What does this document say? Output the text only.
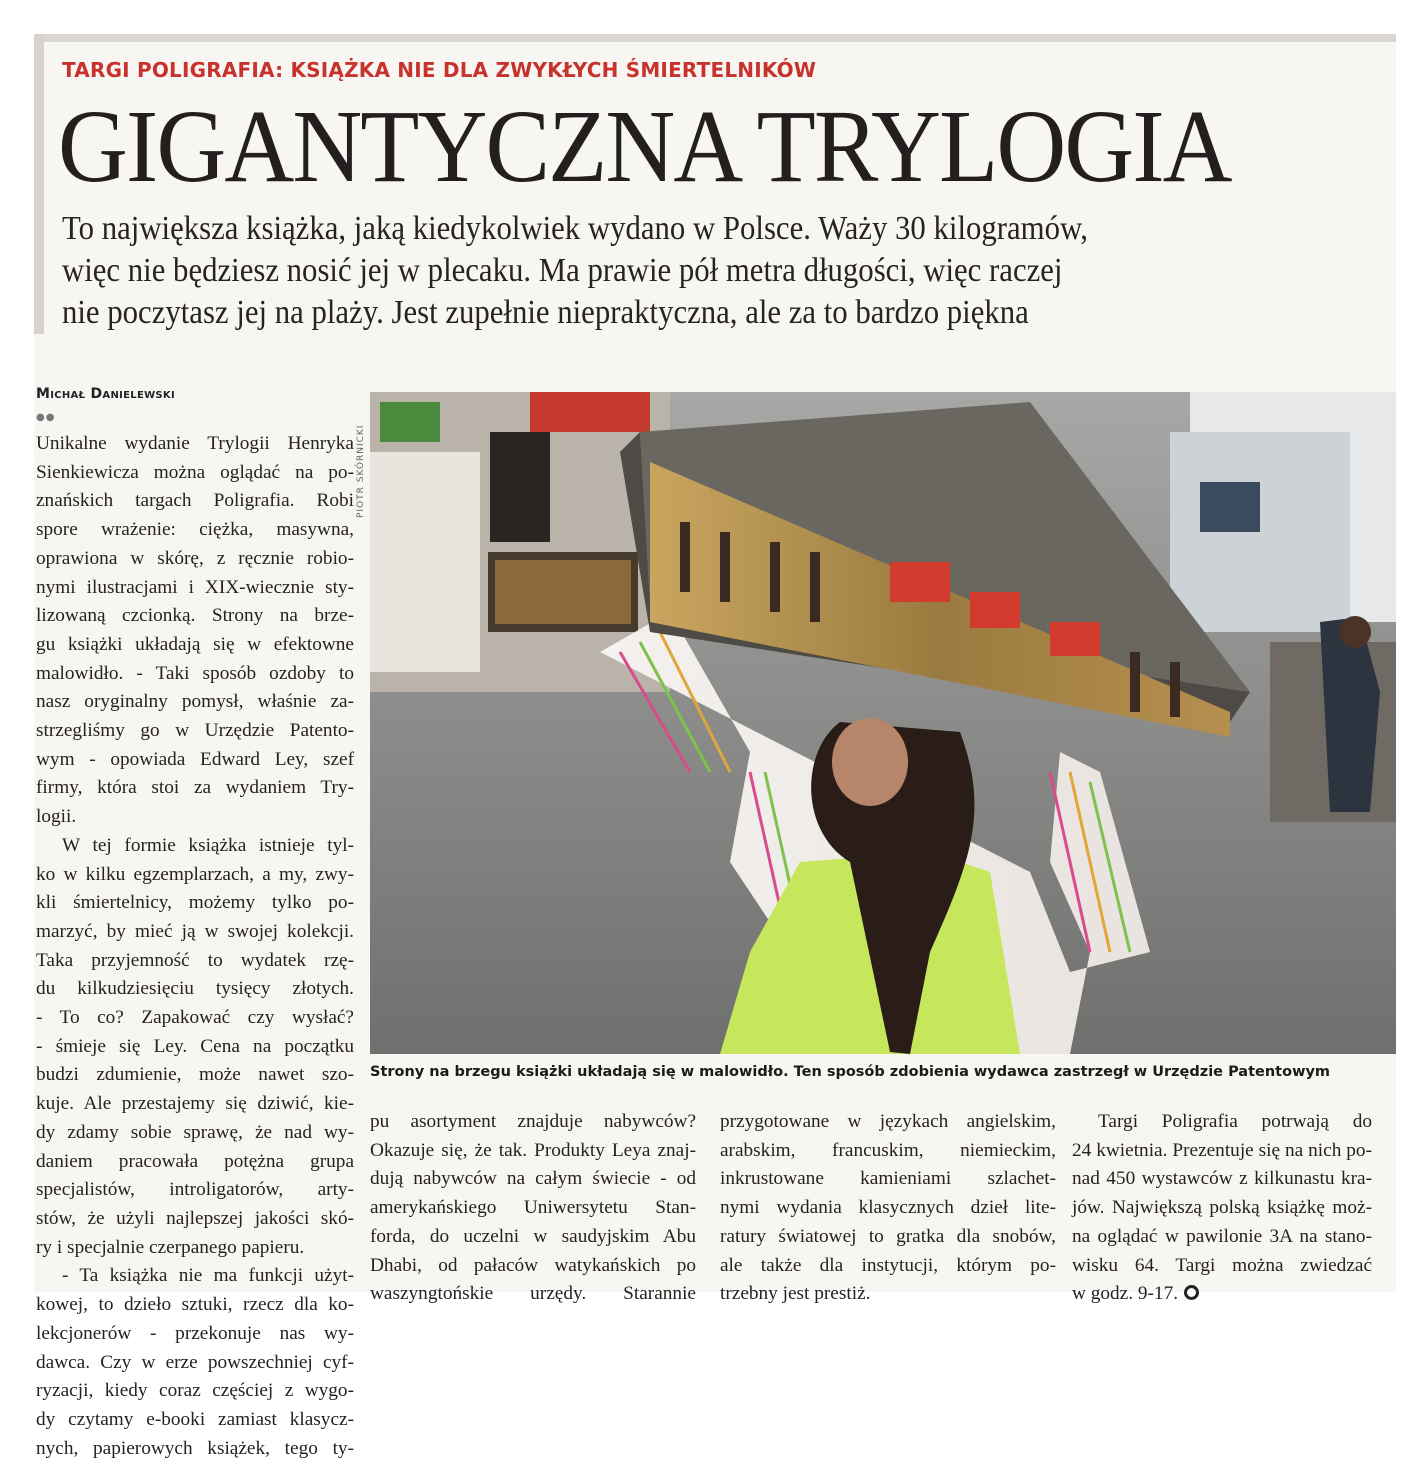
TARGI POLIGRAFIA: KSIĄŻKA NIE DLA ZWYKŁYCH ŚMIERTELNIKÓW
GIGANTYCZNA TRYLOGIA
To największa książka, jaką kiedykolwiek wydano w Polsce. Waży 30 kilogramów,
więc nie będziesz nosić jej w plecaku. Ma prawie pół metra długości, więc raczej
nie poczytasz jej na plaży. Jest zupełnie niepraktyczna, ale za to bardzo piękna
Michał Danielewski
●●
Unikalne wydanie Trylogii Henryka
Sienkiewicza można oglądać na po-
znańskich targach Poligrafia. Robi
spore wrażenie: ciężka, masywna,
oprawiona w skórę, z ręcznie robio-
nymi ilustracjami i XIX-wiecznie sty-
lizowaną czcionką. Strony na brze-
gu książki układają się w efektowne
malowidło. - Taki sposób ozdoby to
nasz oryginalny pomysł, właśnie za-
strzegliśmy go w Urzędzie Patento-
wym - opowiada Edward Ley, szef
firmy, która stoi za wydaniem Try-
logii.
W tej formie książka istnieje tyl-
ko w kilku egzemplarzach, a my, zwy-
kli śmiertelnicy, możemy tylko po-
marzyć, by mieć ją w swojej kolekcji.
Taka przyjemność to wydatek rzę-
du kilkudziesięciu tysięcy złotych.
- To co? Zapakować czy wysłać?
- śmieje się Ley. Cena na początku
budzi zdumienie, może nawet szo-
kuje. Ale przestajemy się dziwić, kie-
dy zdamy sobie sprawę, że nad wy-
daniem pracowała potężna grupa
specjalistów, introligatorów, arty-
stów, że użyli najlepszej jakości skó-
ry i specjalnie czerpanego papieru.
- Ta książka nie ma funkcji użyt-
kowej, to dzieło sztuki, rzecz dla ko-
lekcjonerów - przekonuje nas wy-
dawca. Czy w erze powszechniej cyf-
ryzacji, kiedy coraz częściej z wygo-
dy czytamy e-booki zamiast klasycz-
nych, papierowych książek, tego ty-
PIOTR SKÓRNICKI
Strony na brzegu książki układają się w malowidło. Ten sposób zdobienia wydawca zastrzegł w Urzędzie Patentowym
pu asortyment znajduje nabywców?
Okazuje się, że tak. Produkty Leya znaj-
dują nabywców na całym świecie - od
amerykańskiego Uniwersytetu Stan-
forda, do uczelni w saudyjskim Abu
Dhabi, od pałaców watykańskich po
waszyngtońskie urzędy. Starannie
przygotowane w językach angielskim,
arabskim, francuskim, niemieckim,
inkrustowane kamieniami szlachet-
nymi wydania klasycznych dzieł lite-
ratury światowej to gratka dla snobów,
ale także dla instytucji, którym po-
trzebny jest prestiż.
Targi Poligrafia potrwają do
24 kwietnia. Prezentuje się na nich po-
nad 450 wystawców z kilkunastu kra-
jów. Największą polską książkę moż-
na oglądać w pawilonie 3A na stano-
wisku 64. Targi można zwiedzać
w godz. 9-17.
